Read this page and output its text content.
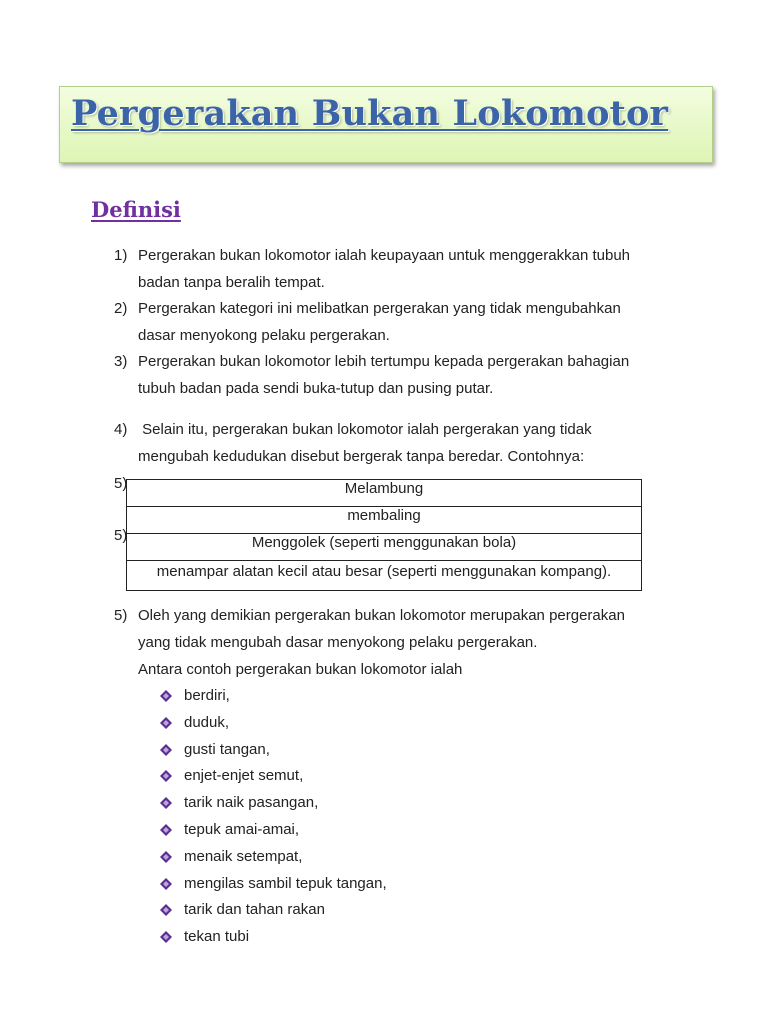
Pergerakan Bukan Lokomotor
Definisi
1) Pergerakan bukan lokomotor ialah keupayaan untuk menggerakkan tubuh
badan tanpa beralih tempat.
2) Pergerakan kategori ini melibatkan pergerakan yang tidak mengubahkan
dasar menyokong pelaku pergerakan.
3) Pergerakan bukan lokomotor lebih tertumpu kepada pergerakan bahagian
tubuh badan pada sendi buka-tutup dan pusing putar.
4) Selain itu, pergerakan bukan lokomotor ialah pergerakan yang tidak
mengubah kedudukan disebut bergerak tanpa beredar. Contohnya:
5)
5)
Melambung
membaling
Menggolek (seperti menggunakan bola)
menampar alatan kecil atau besar (seperti menggunakan kompang).
5) Oleh yang demikian pergerakan bukan lokomotor merupakan pergerakan
yang tidak mengubah dasar menyokong pelaku pergerakan.
Antara contoh pergerakan bukan lokomotor ialah
berdiri,
duduk,
gusti tangan,
enjet-enjet semut,
tarik naik pasangan,
tepuk amai-amai,
menaik setempat,
mengilas sambil tepuk tangan,
tarik dan tahan rakan
tekan tubi
